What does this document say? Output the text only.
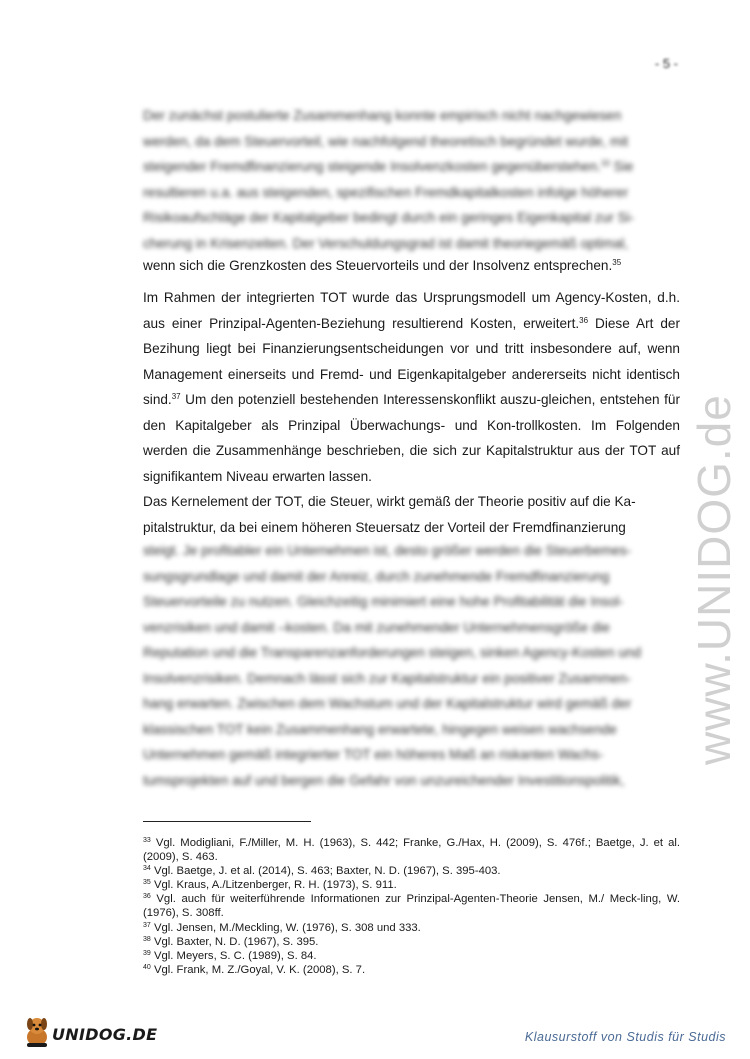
- 5 -
www.UNIDOG.de
Der zunächst postulierte Zusammenhang konnte empirisch nicht nachgewiesen
werden, da dem Steuervorteil, wie nachfolgend theoretisch begründet wurde, mit
steigender Fremdfinanzierung steigende Insolvenzkosten gegenüberstehen.$^{33}$ Sie
resultieren u.a. aus steigenden, spezifischen Fremdkapitalkosten infolge höherer
Risikoaufschläge der Kapitalgeber bedingt durch ein geringes Eigenkapital zur Si-
cherung in Krisenzeiten. Der Verschuldungsgrad ist damit theoriegemäß optimal,
wenn sich die Grenzkosten des Steuervorteils und der Insolvenz entsprechen.$^{35}$
Im Rahmen der integrierten TOT wurde das Ursprungsmodell um Agency-Kosten, d.h. aus einer Prinzipal-Agenten-Beziehung resultierend Kosten, erweitert.$^{36}$ Diese Art der Bezihung liegt bei Finanzierungsentscheidungen vor und tritt insbesondere auf, wenn Management einerseits und Fremd- und Eigenkapitalgeber andererseits nicht identisch sind.$^{37}$ Um den potenziell bestehenden Interessenskonflikt auszu-gleichen, entstehen für den Kapitalgeber als Prinzipal Überwachungs- und Kon-trollkosten. Im Folgenden werden die Zusammenhänge beschrieben, die sich zur Kapitalstruktur aus der TOT auf signifikantem Niveau erwarten lassen.
Das Kernelement der TOT, die Steuer, wirkt gemäß der Theorie positiv auf die Ka-
pitalstruktur, da bei einem höheren Steuersatz der Vorteil der Fremdfinanzierung
steigt. Je profitabler ein Unternehmen ist, desto größer werden die Steuerbemes-
sungsgrundlage und damit der Anreiz, durch zunehmende Fremdfinanzierung
Steuervorteile zu nutzen. Gleichzeitig minimiert eine hohe Profitabilität die Insol-
venzrisiken und damit –kosten. Da mit zunehmender Unternehmensgröße die
Reputation und die Transparenzanforderungen steigen, sinken Agency-Kosten und
Insolvenzrisiken. Demnach lässt sich zur Kapitalstruktur ein positiver Zusammen-
hang erwarten. Zwischen dem Wachstum und der Kapitalstruktur wird gemäß der
klassischen TOT kein Zusammenhang erwartete, hingegen weisen wachsende
Unternehmen gemäß integrierter TOT ein höheres Maß an riskanten Wachs-
tumsprojekten auf und bergen die Gefahr von unzureichender Investitionspolitik,
$^{33}$ Vgl. Modigliani, F./Miller, M. H. (1963), S. 442; Franke, G./Hax, H. (2009), S. 476f.; Baetge, J. et al. (2009), S. 463.
$^{34}$ Vgl. Baetge, J. et al. (2014), S. 463; Baxter, N. D. (1967), S. 395-403.
$^{35}$ Vgl. Kraus, A./Litzenberger, R. H. (1973), S. 911.
$^{36}$ Vgl. auch für weiterführende Informationen zur Prinzipal-Agenten-Theorie Jensen, M./ Meck-ling, W. (1976), S. 308ff.
$^{37}$ Vgl. Jensen, M./Meckling, W. (1976), S. 308 und 333.
$^{38}$ Vgl. Baxter, N. D. (1967), S. 395.
$^{39}$ Vgl. Meyers, S. C. (1989), S. 84.
$^{40}$ Vgl. Frank, M. Z./Goyal, V. K. (2008), S. 7.
UNIDOG.DE	Klausurstoff von Studis für Studis
